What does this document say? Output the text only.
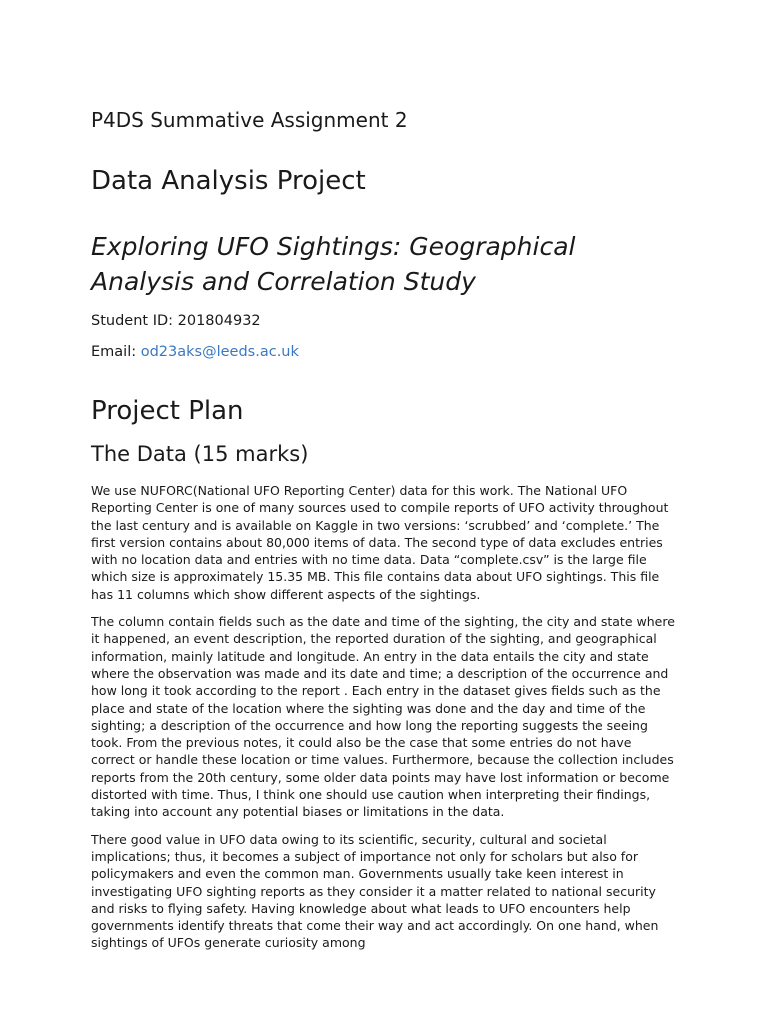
P4DS Summative Assignment 2
Data Analysis Project
Exploring UFO Sightings: Geographical Analysis and Correlation Study

Student ID: 201804932

Email: od23aks@leeds.ac.uk

Project Plan
The Data (15 marks)

We use NUFORC(National UFO Reporting Center) data for this work. The National UFO Reporting Center is one of many sources used to compile reports of UFO activity throughout the last century and is available on Kaggle in two versions: ‘scrubbed’ and ‘complete.’ The first version contains about 80,000 items of data. The second type of data excludes entries with no location data and entries with no time data. Data “complete.csv” is the large file which size is approximately 15.35 MB. This file contains data about UFO sightings. This file has 11 columns which show different aspects of the sightings.

The column contain fields such as the date and time of the sighting, the city and state where it happened, an event description, the reported duration of the sighting, and geographical information, mainly latitude and longitude. An entry in the data entails the city and state where the observation was made and its date and time; a description of the occurrence and how long it took according to the report . Each entry in the dataset gives fields such as the place and state of the location where the sighting was done and the day and time of the sighting; a description of the occurrence and how long the reporting suggests the seeing took. From the previous notes, it could also be the case that some entries do not have correct or handle these location or time values. Furthermore, because the collection includes reports from the 20th century, some older data points may have lost information or become distorted with time. Thus, I think one should use caution when interpreting their findings, taking into account any potential biases or limitations in the data.

There good value in UFO data owing to its scientific, security, cultural and societal implications; thus, it becomes a subject of importance not only for scholars but also for policymakers and even the common man. Governments usually take keen interest in investigating UFO sighting reports as they consider it a matter related to national security and risks to flying safety. Having knowledge about what leads to UFO encounters help governments identify threats that come their way and act accordingly. On one hand, when sightings of UFOs generate curiosity among
